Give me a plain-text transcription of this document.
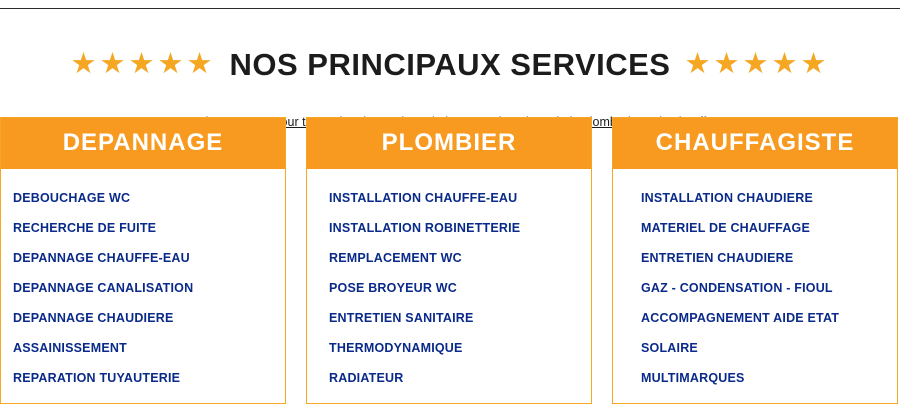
★★★★★ NOS PRINCIPAUX SERVICES ★★★★★
pour plomberie
DEPANNAGE
DEBOUCHAGE WC
RECHERCHE DE FUITE
DEPANNAGE CHAUFFE-EAU
DEPANNAGE CANALISATION
DEPANNAGE CHAUDIERE
ASSAINISSEMENT
REPARATION TUYAUTERIE
PLOMBIER
INSTALLATION CHAUFFE-EAU
INSTALLATION ROBINETTERIE
REMPLACEMENT WC
POSE BROYEUR WC
ENTRETIEN SANITAIRE
THERMODYNAMIQUE
RADIATEUR
CHAUFFAGISTE
INSTALLATION CHAUDIERE
MATERIEL DE CHAUFFAGE
ENTRETIEN CHAUDIERE
GAZ - CONDENSATION - FIOUL
ACCOMPAGNEMENT AIDE ETAT
SOLAIRE
MULTIMARQUES
